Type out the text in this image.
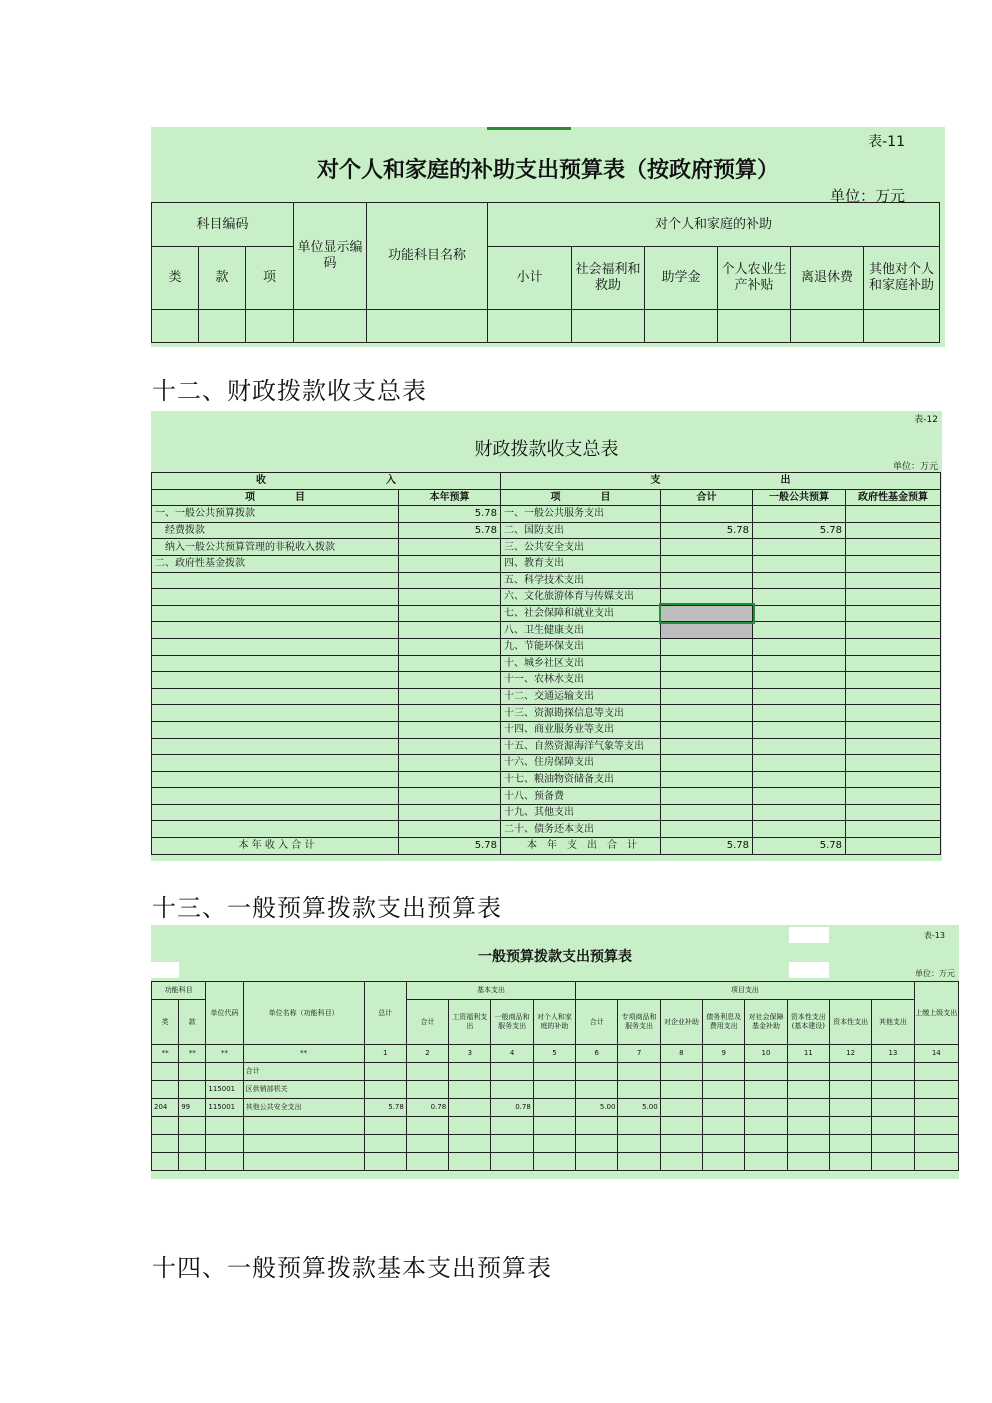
表-11
对个人和家庭的补助支出预算表（按政府预算）
单位：万元
科目编码			单位显示编码	功能科目名称	对个人和家庭的补助					
类	款	项			小计	社会福利和救助	助学金	个人农业生产补贴	离退休费	其他对个人和家庭补助

十二、财政拨款收支总表
表-12
财政拨款收支总表
单位：万元
收 入		支 出			
项　　　　目	本年预算	项　　　　目	合计	一般公共预算	政府性基金预算
一、一般公共预算拨款	5.78	一、一般公共服务支出			
　经费拨款	5.78	二、国防支出	5.78	5.78	
　纳入一般公共预算管理的非税收入拨款		三、公共安全支出			
二、政府性基金拨款		四、教育支出			
		五、科学技术支出			
		六、文化旅游体育与传媒支出			
		七、社会保障和就业支出			
		八、卫生健康支出			
		九、节能环保支出			
		十、城乡社区支出			
		十一、农林水支出			
		十二、交通运输支出			
		十三、资源勘探信息等支出			
		十四、商业服务业等支出			
		十五、自然资源海洋气象等支出			
		十六、住房保障支出			
		十七、粮油物资储备支出			
		十八、预备费			
		十九、其他支出			
		二十、债务还本支出			
本 年 收 入 合 计	5.78	本　年　支　出　合　计	5.78	5.78	
十三、一般预算拨款支出预算表
表-13
一般预算拨款支出预算表
单位：万元
功能科目		单位代码	单位名称（功能科目）	总计	基本支出				项目支出								上缴上级支出
类	款				合计	工资福利支出	一般商品和服务支出	对个人和家庭的补助	合计	专项商品和服务支出	对企业补助	债务利息及费用支出	对社会保障基金补助	资本性支出(基本建设)	资本性支出	其他支出	
**	**	**	**	1	2	3	4	5	6	7	8	9	10	11	12	13	14
			合计														
		115001	区供销部机关														
204	99	115001	其他公共安全支出	5.78	0.78		0.78		5.00	5.00							

十四、一般预算拨款基本支出预算表
